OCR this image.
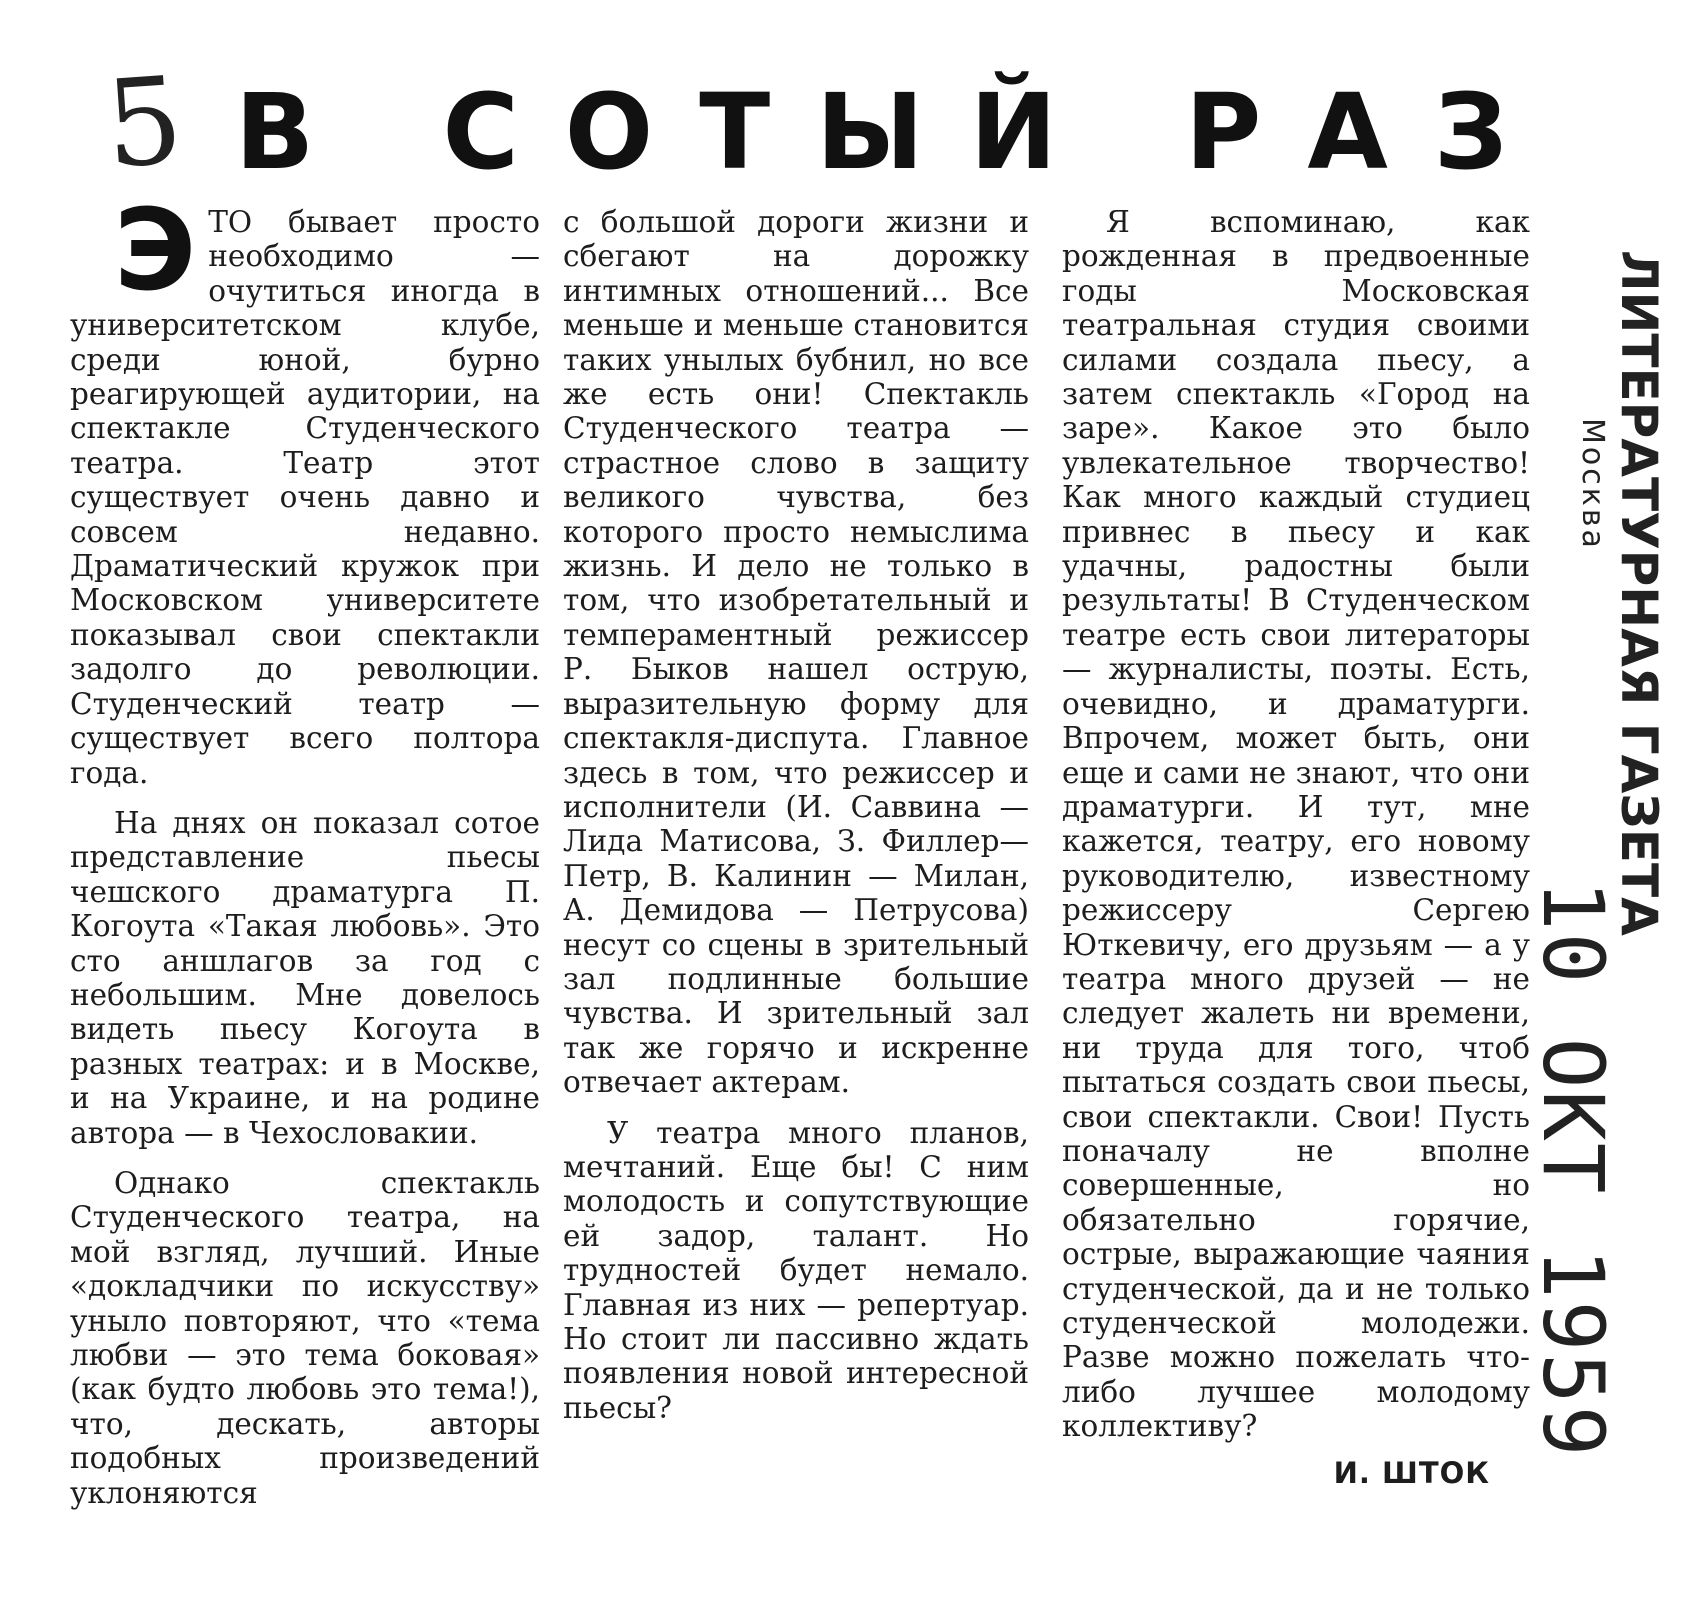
5 В СОТЫЙ РАЗ
Э ТО бывает просто необходимо — очутиться иногда в университетском клубе, среди юной, бурно реагирующей аудитории, на спектакле Студенческого театра. Театр этот существует очень давно и совсем недавно. Драматический кружок при Московском университете показывал свои спектакли задолго до революции. Студенческий театр — существует всего полтора года.

На днях он показал сотое представление пьесы чешского драматурга П. Когоута «Такая любовь». Это сто аншлагов за год с небольшим. Мне довелось видеть пьесу Когоута в разных театрах: и в Москве, и на Украине, и на родине автора — в Чехословакии.

Однако спектакль Студенческого театра, на мой взгляд, лучший. Иные «докладчики по искусству» уныло повторяют, что «тема любви — это тема боковая» (как будто любовь это тема!), что, дескать, авторы подобных произведений уклоняются

с большой дороги жизни и сбегают на дорожку интимных отношений... Все меньше и меньше становится таких унылых бубнил, но все же есть они! Спектакль Студенческого театра — страстное слово в защиту великого чувства, без которого просто немыслима жизнь. И дело не только в том, что изобретательный и темпераментный режиссер Р. Быков нашел острую, выразительную форму для спектакля-диспута. Главное здесь в том, что режиссер и исполнители (И. Саввина — Лида Матисова, З. Филлер—Петр, В. Калинин — Милан, А. Демидова — Петрусова) несут со сцены в зрительный зал подлинные большие чувства. И зрительный зал так же горячо и искренне отвечает актерам.

У театра много планов, мечтаний. Еще бы! С ним молодость и сопутствующие ей задор, талант. Но трудностей будет немало. Главная из них — репертуар. Но стоит ли пассивно ждать появления новой интересной пьесы?

Я вспоминаю, как рожденная в предвоенные годы Московская театральная студия своими силами создала пьесу, а затем спектакль «Город на заре». Какое это было увлекательное творчество! Как много каждый студиец привнес в пьесу и как удачны, радостны были результаты! В Студенческом театре есть свои литераторы — журналисты, поэты. Есть, очевидно, и драматурги. Впрочем, может быть, они еще и сами не знают, что они драматурги. И тут, мне кажется, театру, его новому руководителю, известному режиссеру Сергею Юткевичу, его друзьям — а у театра много друзей — не следует жалеть ни времени, ни труда для того, чтоб пытаться создать свои пьесы, свои спектакли. Свои! Пусть поначалу не вполне совершенные, но обязательно горячие, острые, выражающие чаяния студенческой, да и не только студенческой молодежи. Разве можно пожелать что-либо лучшее молодому коллективу?

И. ШТОК
ЛИТЕРАТУРНАЯ ГАЗЕТА
Москва
10 ОКТ 1959
